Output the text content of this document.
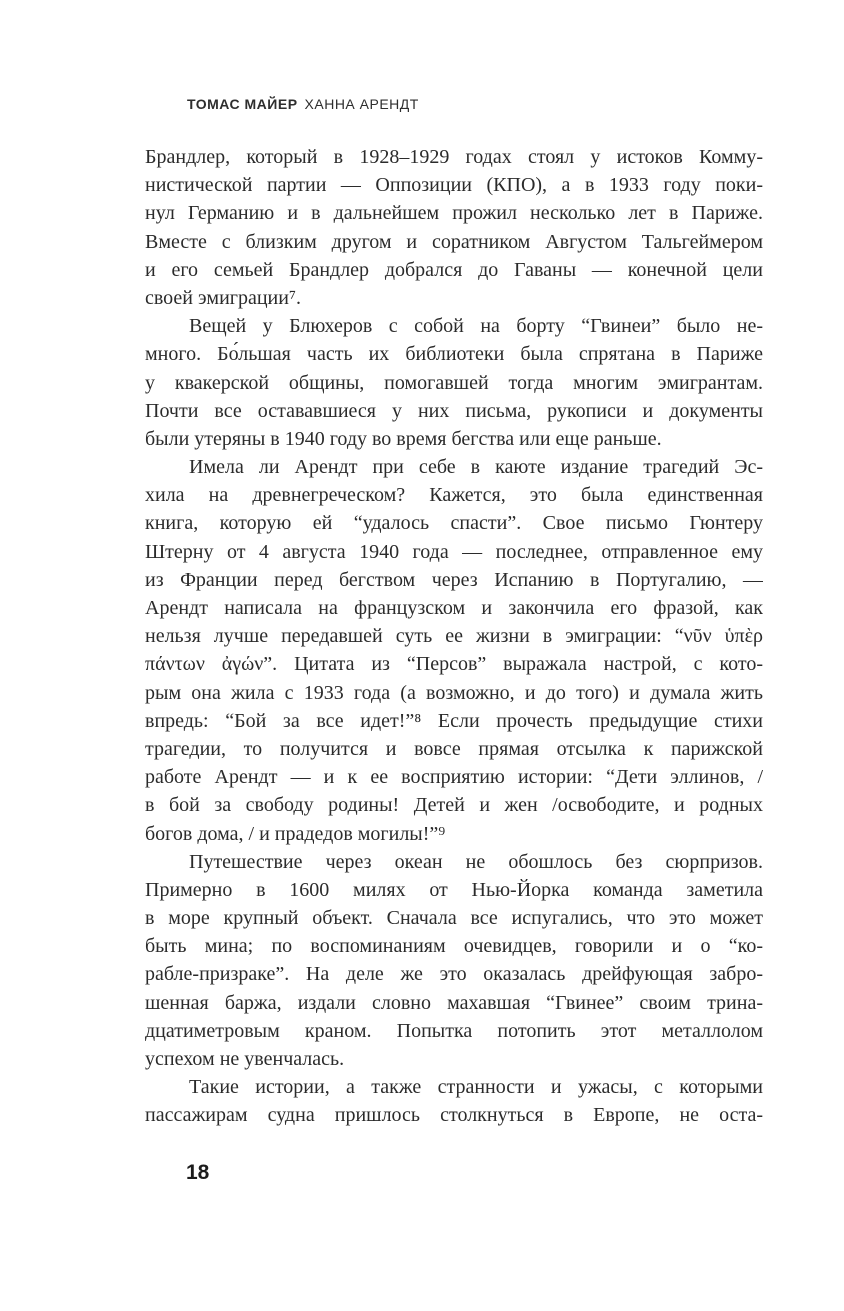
ТОМАС МАЙЕР ХАННА АРЕНДТ
Брандлер, который в 1928–1929 годах стоял у истоков Комму-
нистической партии — Оппозиции (КПО), а в 1933 году поки-
нул Германию и в дальнейшем прожил несколько лет в Париже.
Вместе с близким другом и соратником Августом Тальгеймером
и его семьей Брандлер добрался до Гаваны — конечной цели
своей эмиграции⁷.
Вещей у Блюхеров с собой на борту “Гвинеи” было не-
много. Бо́льшая часть их библиотеки была спрятана в Париже
у квакерской общины, помогавшей тогда многим эмигрантам.
Почти все остававшиеся у них письма, рукописи и документы
были утеряны в 1940 году во время бегства или еще раньше.
Имела ли Арендт при себе в каюте издание трагедий Эс-
хила на древнегреческом? Кажется, это была единственная
книга, которую ей “удалось спасти”. Свое письмо Гюнтеру
Штерну от 4 августа 1940 года — последнее, отправленное ему
из Франции перед бегством через Испанию в Португалию, —
Арендт написала на французском и закончила его фразой, как
нельзя лучше передавшей суть ее жизни в эмиграции: “νῦν ὑπὲρ
πάντων ἀγών”. Цитата из “Персов” выражала настрой, с кото-
рым она жила с 1933 года (а возможно, и до того) и думала жить
впредь: “Бой за все идет!”⁸ Если прочесть предыдущие стихи
трагедии, то получится и вовсе прямая отсылка к парижской
работе Арендт — и к ее восприятию истории: “Дети эллинов, /
в бой за свободу родины! Детей и жен /освободите, и родных
богов дома, / и прадедов могилы!”⁹
Путешествие через океан не обошлось без сюрпризов.
Примерно в 1600 милях от Нью-Йорка команда заметила
в море крупный объект. Сначала все испугались, что это может
быть мина; по воспоминаниям очевидцев, говорили и о “ко-
рабле-призраке”. На деле же это оказалась дрейфующая забро-
шенная баржа, издали словно махавшая “Гвинее” своим трина-
дцатиметровым краном. Попытка потопить этот металлолом
успехом не увенчалась.
Такие истории, а также странности и ужасы, с которыми
пассажирам судна пришлось столкнуться в Европе, не оста-
18
